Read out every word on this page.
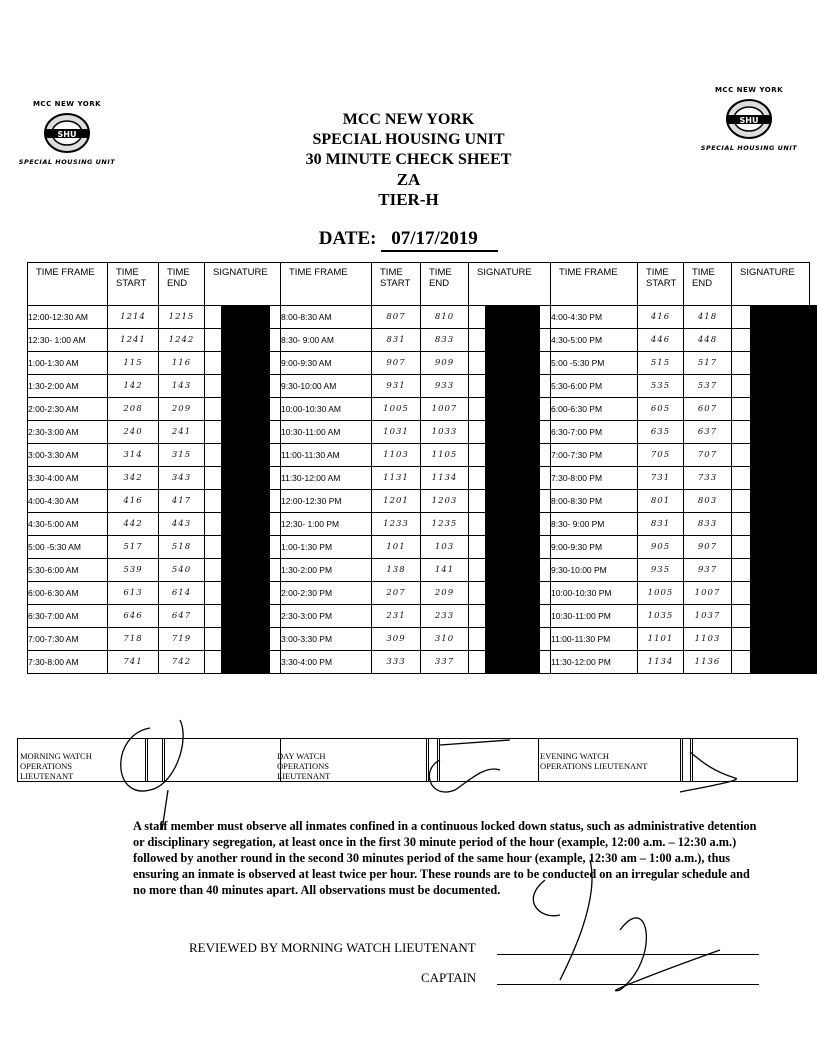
MCC NEW YORK
SHU
SPECIAL HOUSING UNIT
MCC NEW YORK
SHU
SPECIAL HOUSING UNIT
MCC NEW YORK
SPECIAL HOUSING UNIT
30 MINUTE CHECK SHEET
ZA
TIER-H
DATE: 07/17/2019
TIME FRAME	TIME START	TIME END	SIGNATURE	TIME FRAME	TIME START	TIME END	SIGNATURE	TIME FRAME	TIME START	TIME END	SIGNATURE
12:00-12:30 AM	1214	1215		8:00-8:30 AM	807	810		4:00-4:30 PM	416	418	

12:30- 1:00 AM	1241	1242		8:30- 9:00 AM	831	833		4:30-5:00 PM	446	448	

1:00-1:30 AM	115	116		9:00-9:30 AM	907	909		5:00 -5:30 PM	515	517	

1:30-2:00 AM	142	143		9:30-10:00 AM	931	933		5:30-6:00 PM	535	537	

2:00-2:30 AM	208	209		10:00-10:30 AM	1005	1007		6:00-6:30 PM	605	607	

2:30-3:00 AM	240	241		10:30-11:00 AM	1031	1033		6:30-7:00 PM	635	637	

3:00-3:30 AM	314	315		11:00-11:30 AM	1103	1105		7:00-7:30 PM	705	707	

3:30-4:00 AM	342	343		11:30-12:00 AM	1131	1134		7:30-8:00 PM	731	733	

4:00-4:30 AM	416	417		12:00-12:30 PM	1201	1203		8:00-8:30 PM	801	803	

4:30-5:00 AM	442	443		12:30- 1:00 PM	1233	1235		8:30- 9:00 PM	831	833	

5:00 -5:30 AM	517	518		1:00-1:30 PM	101	103		9:00-9:30 PM	905	907	

5:30-6:00 AM	539	540		1:30-2:00 PM	138	141		9:30-10:00 PM	935	937	

6:00-6:30 AM	613	614		2:00-2:30 PM	207	209		10:00-10:30 PM	1005	1007	

6:30-7:00 AM	646	647		2:30-3:00 PM	231	233		10:30-11:00 PM	1035	1037	

7:00-7:30 AM	718	719		3:00-3:30 PM	309	310		11:00-11:30 PM	1101	1103	

7:30-8:00 AM	741	742		3:30-4:00 PM	333	337		11:30-12:00 PM	1134	1136	
MORNING WATCH OPERATIONS LIEUTENANT
DAY WATCH OPERATIONS LIEUTENANT
EVENING WATCH OPERATIONS LIEUTENANT
A staff member must observe all inmates confined in a continuous locked down status, such as administrative detention or disciplinary segregation, at least once in the first 30 minute period of the hour (example, 12:00 a.m. – 12:30 a.m.) followed by another round in the second 30 minutes period of the same hour (example, 12:30 am – 1:00 a.m.), thus ensuring an inmate is observed at least twice per hour. These rounds are to be conducted on an irregular schedule and no more than 40 minutes apart. All observations must be documented.
REVIEWED BY MORNING WATCH LIEUTENANT
CAPTAIN
